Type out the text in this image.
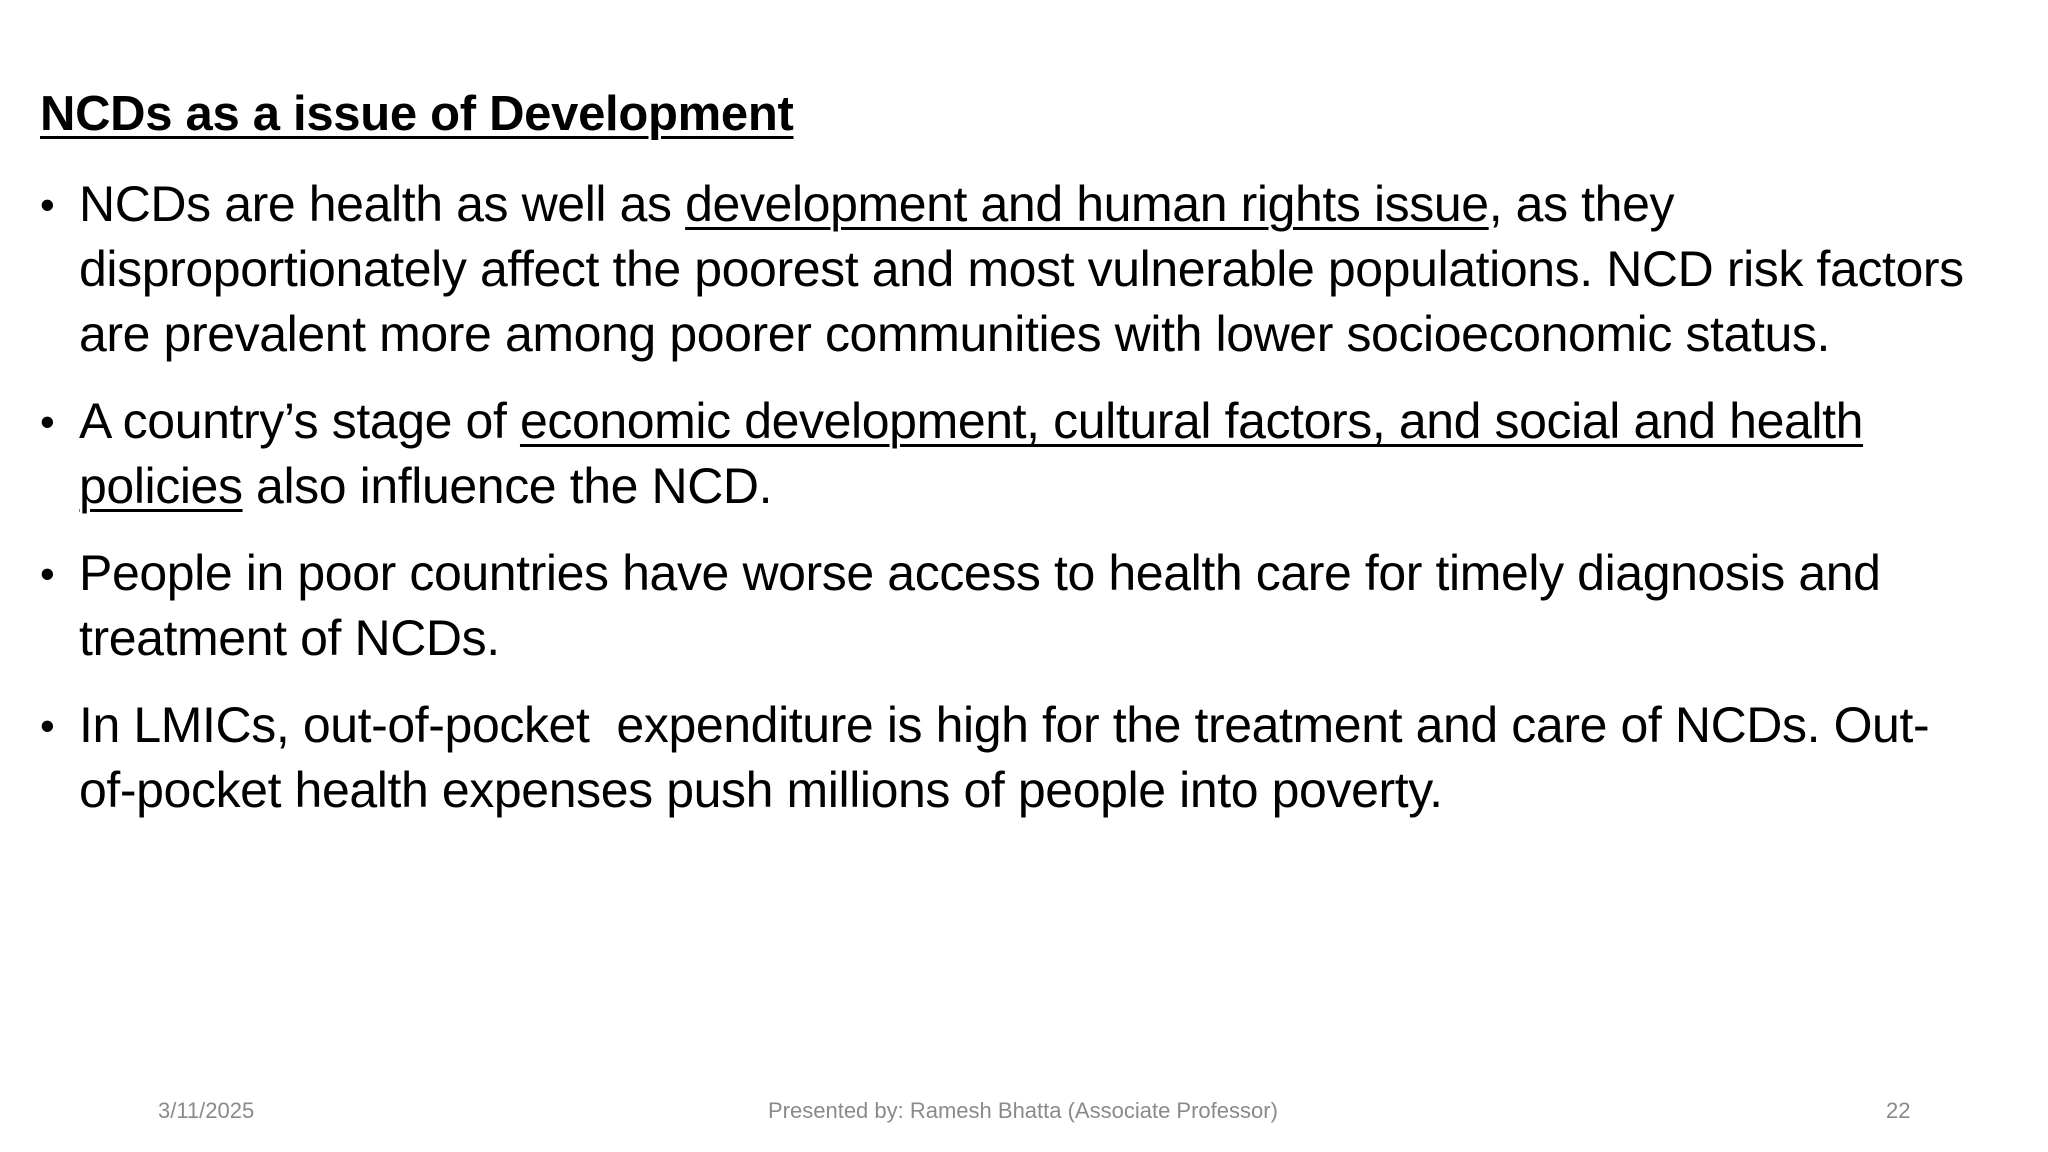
NCDs as a issue of Development
• NCDs are health as well as development and human rights issue, as they disproportionately affect the poorest and most vulnerable populations. NCD risk factors are prevalent more among poorer communities with lower socioeconomic status.
• A country’s stage of economic development, cultural factors, and social and health policies also influence the NCD.
• People in poor countries have worse access to health care for timely diagnosis and treatment of NCDs.
• In LMICs, out-of-pocket  expenditure is high for the treatment and care of NCDs. Out-of-pocket health expenses push millions of people into poverty.
3/11/2025	Presented by: Ramesh Bhatta (Associate Professor)	22
